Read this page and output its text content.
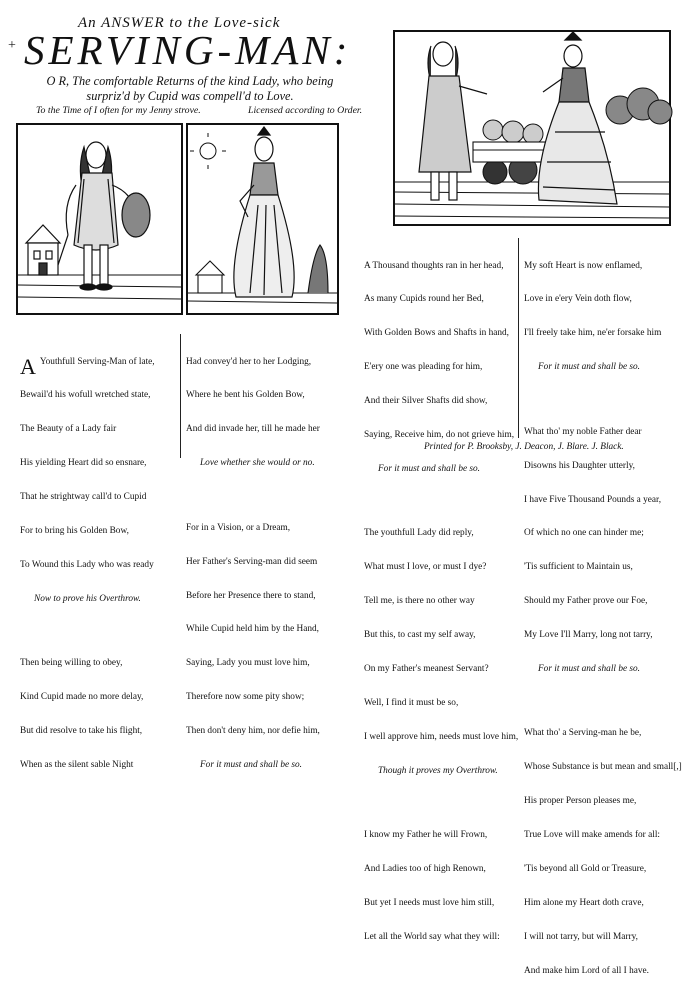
+
An ANSWER to the Love-sick
SERVING-MAN:
O R, The comfortable Returns of the kind Lady, who being
surpriz'd by Cupid was compell'd to Love.
To the Time of I often for my Jenny strove.	Licensed according to Order.

A Youthfull Serving-Man of late,

Bewail'd his wofull wretched state,

The Beauty of a Lady fair

His yielding Heart did so ensnare,

That he strightway call'd to Cupid

For to bring his Golden Bow,

To Wound this Lady who was ready

Now to prove his Overthrow.

Then being willing to obey,

Kind Cupid made no more delay,

But did resolve to take his flight,

When as the silent sable Night

Had convey'd her to her Lodging,

Where he bent his Golden Bow,

And did invade her, till he made her

Love whether she would or no.

For in a Vision, or a Dream,

Her Father's Serving-man did seem

Before her Presence there to stand,

While Cupid held him by the Hand,

Saying, Lady you must love him,

Therefore now some pity show;

Then don't deny him, nor defie him,

For it must and shall be so.

A Thousand thoughts ran in her head,

As many Cupids round her Bed,

With Golden Bows and Shafts in hand,

E'ery one was pleading for him,

And their Silver Shafts did show,

Saying, Receive him, do not grieve him,

For it must and shall be so.

The youthfull Lady did reply,

What must I love, or must I dye?

Tell me, is there no other way

But this, to cast my self away,

On my Father's meanest Servant?

Well, I find it must be so,

I well approve him, needs must love him,

Though it proves my Overthrow.

I know my Father he will Frown,

And Ladies too of high Renown,

But yet I needs must love him still,

Let all the World say what they will:

My soft Heart is now enflamed,

Love in e'ery Vein doth flow,

I'll freely take him, ne'er forsake him

For it must and shall be so.

What tho' my noble Father dear

Disowns his Daughter utterly,

I have Five Thousand Pounds a year,

Of which no one can hinder me;

'Tis sufficient to Maintain us,

Should my Father prove our Foe,

My Love I'll Marry, long not tarry,

For it must and shall be so.

What tho' a Serving-man he be,

Whose Substance is but mean and small[,]

His proper Person pleases me,

True Love will make amends for all:

'Tis beyond all Gold or Treasure,

Him alone my Heart doth crave,

I will not tarry, but will Marry,

And make him Lord of all I have.

Printed for P. Brooksby, J. Deacon, J. Blare. J. Black.
